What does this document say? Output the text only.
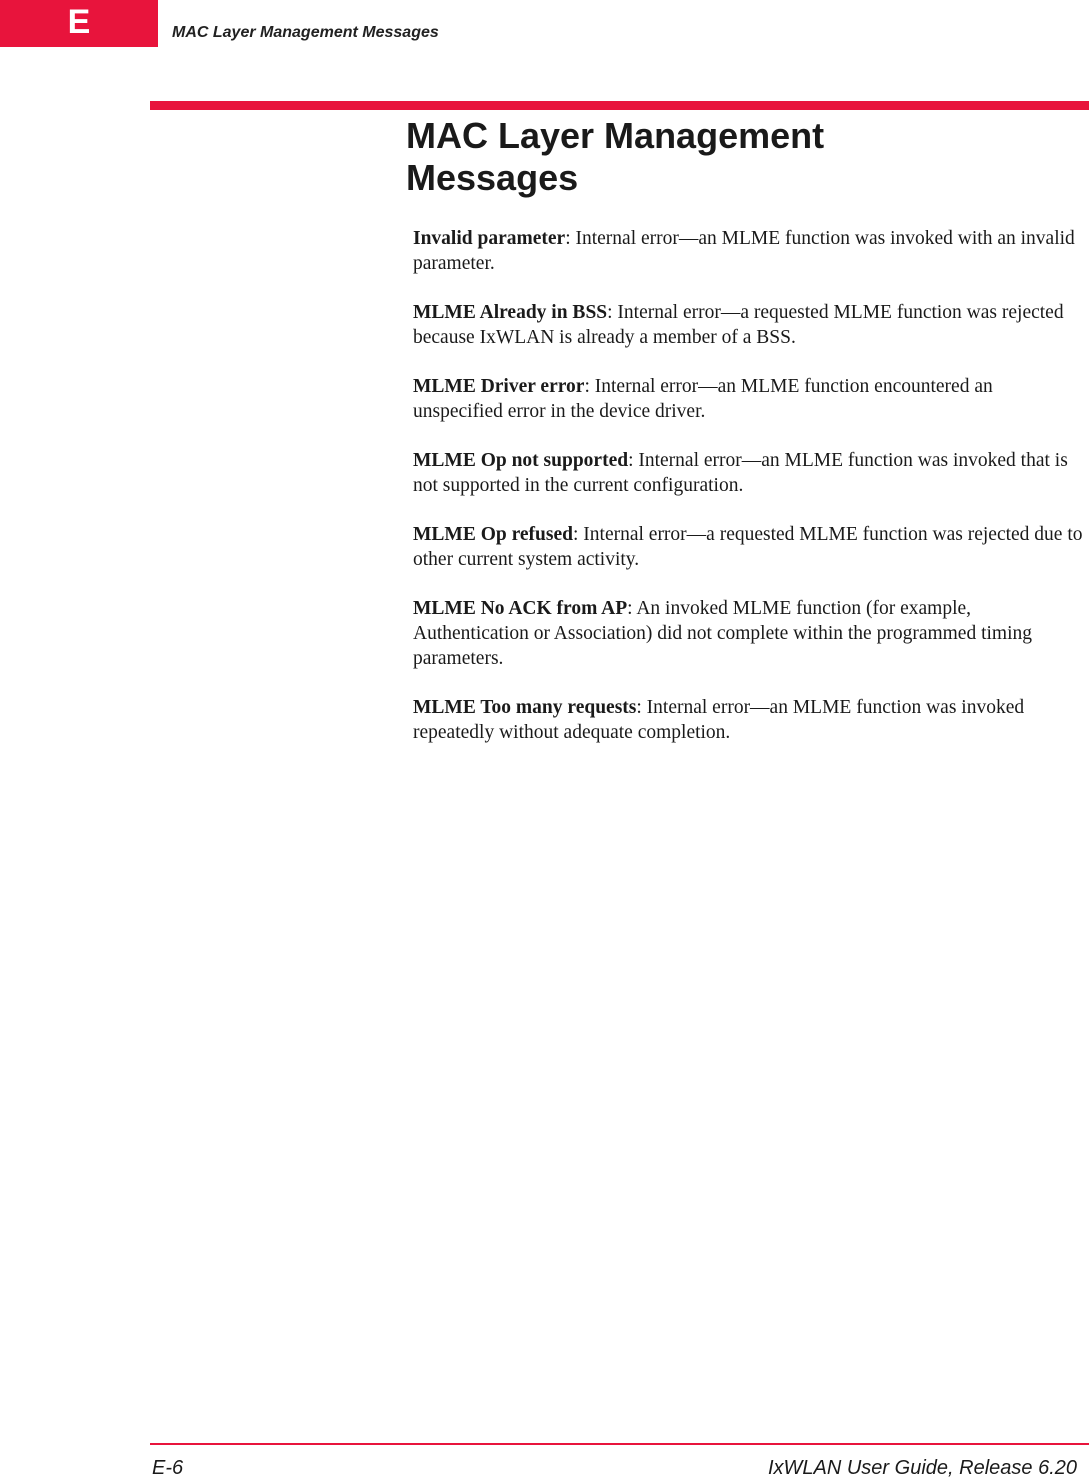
E	MAC Layer Management Messages
MAC Layer Management Messages

Invalid parameter: Internal error—an MLME function was invoked with an invalid parameter.

MLME Already in BSS: Internal error—a requested MLME function was rejected because IxWLAN is already a member of a BSS.

MLME Driver error: Internal error—an MLME function encountered an unspecified error in the device driver.

MLME Op not supported: Internal error—an MLME function was invoked that is not supported in the current configuration.

MLME Op refused: Internal error—a requested MLME function was rejected due to other current system activity.

MLME No ACK from AP: An invoked MLME function (for example, Authentication or Association) did not complete within the programmed timing parameters.

MLME Too many requests: Internal error—an MLME function was invoked repeatedly without adequate completion.

E-6	IxWLAN User Guide, Release 6.20
